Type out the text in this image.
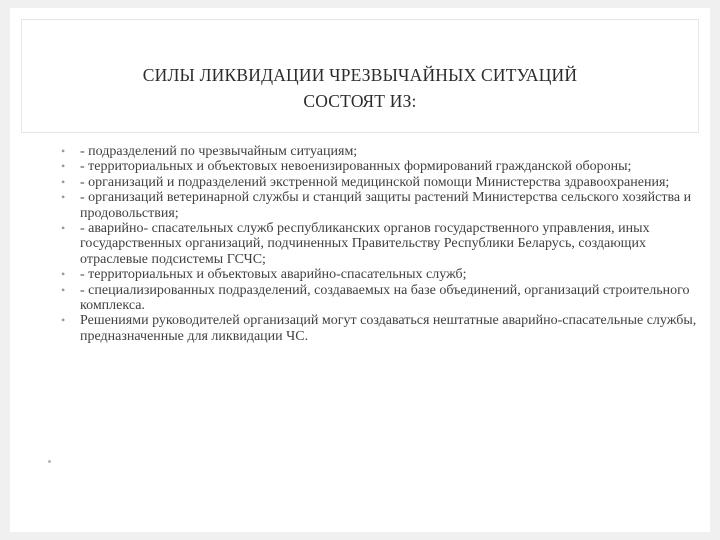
СИЛЫ ЛИКВИДАЦИИ ЧРЕЗВЫЧАЙНЫХ СИТУАЦИЙ
СОСТОЯТ ИЗ:
• - подразделений по чрезвычайным ситуациям;
• - территориальных и объектовых невоенизированных формирований гражданской обороны;
• - организаций и подразделений экстренной медицинской помощи Министерства здравоохранения;
• - организаций ветеринарной службы и станций защиты растений Министерства сельского хозяйства и продовольствия;
• - аварийно- спасательных служб республиканских органов государственного управления, иных государственных организаций, подчиненных Правительству Республики Беларусь, создающих отраслевые подсистемы ГСЧС;
• - территориальных и объектовых аварийно-спасательных служб;
• - специализированных подразделений, создаваемых на базе объединений, организаций строительного комплекса.
• Решениями руководителей организаций могут создаваться нештатные аварийно-спасательные службы, предназначенные для ликвидации ЧС.
